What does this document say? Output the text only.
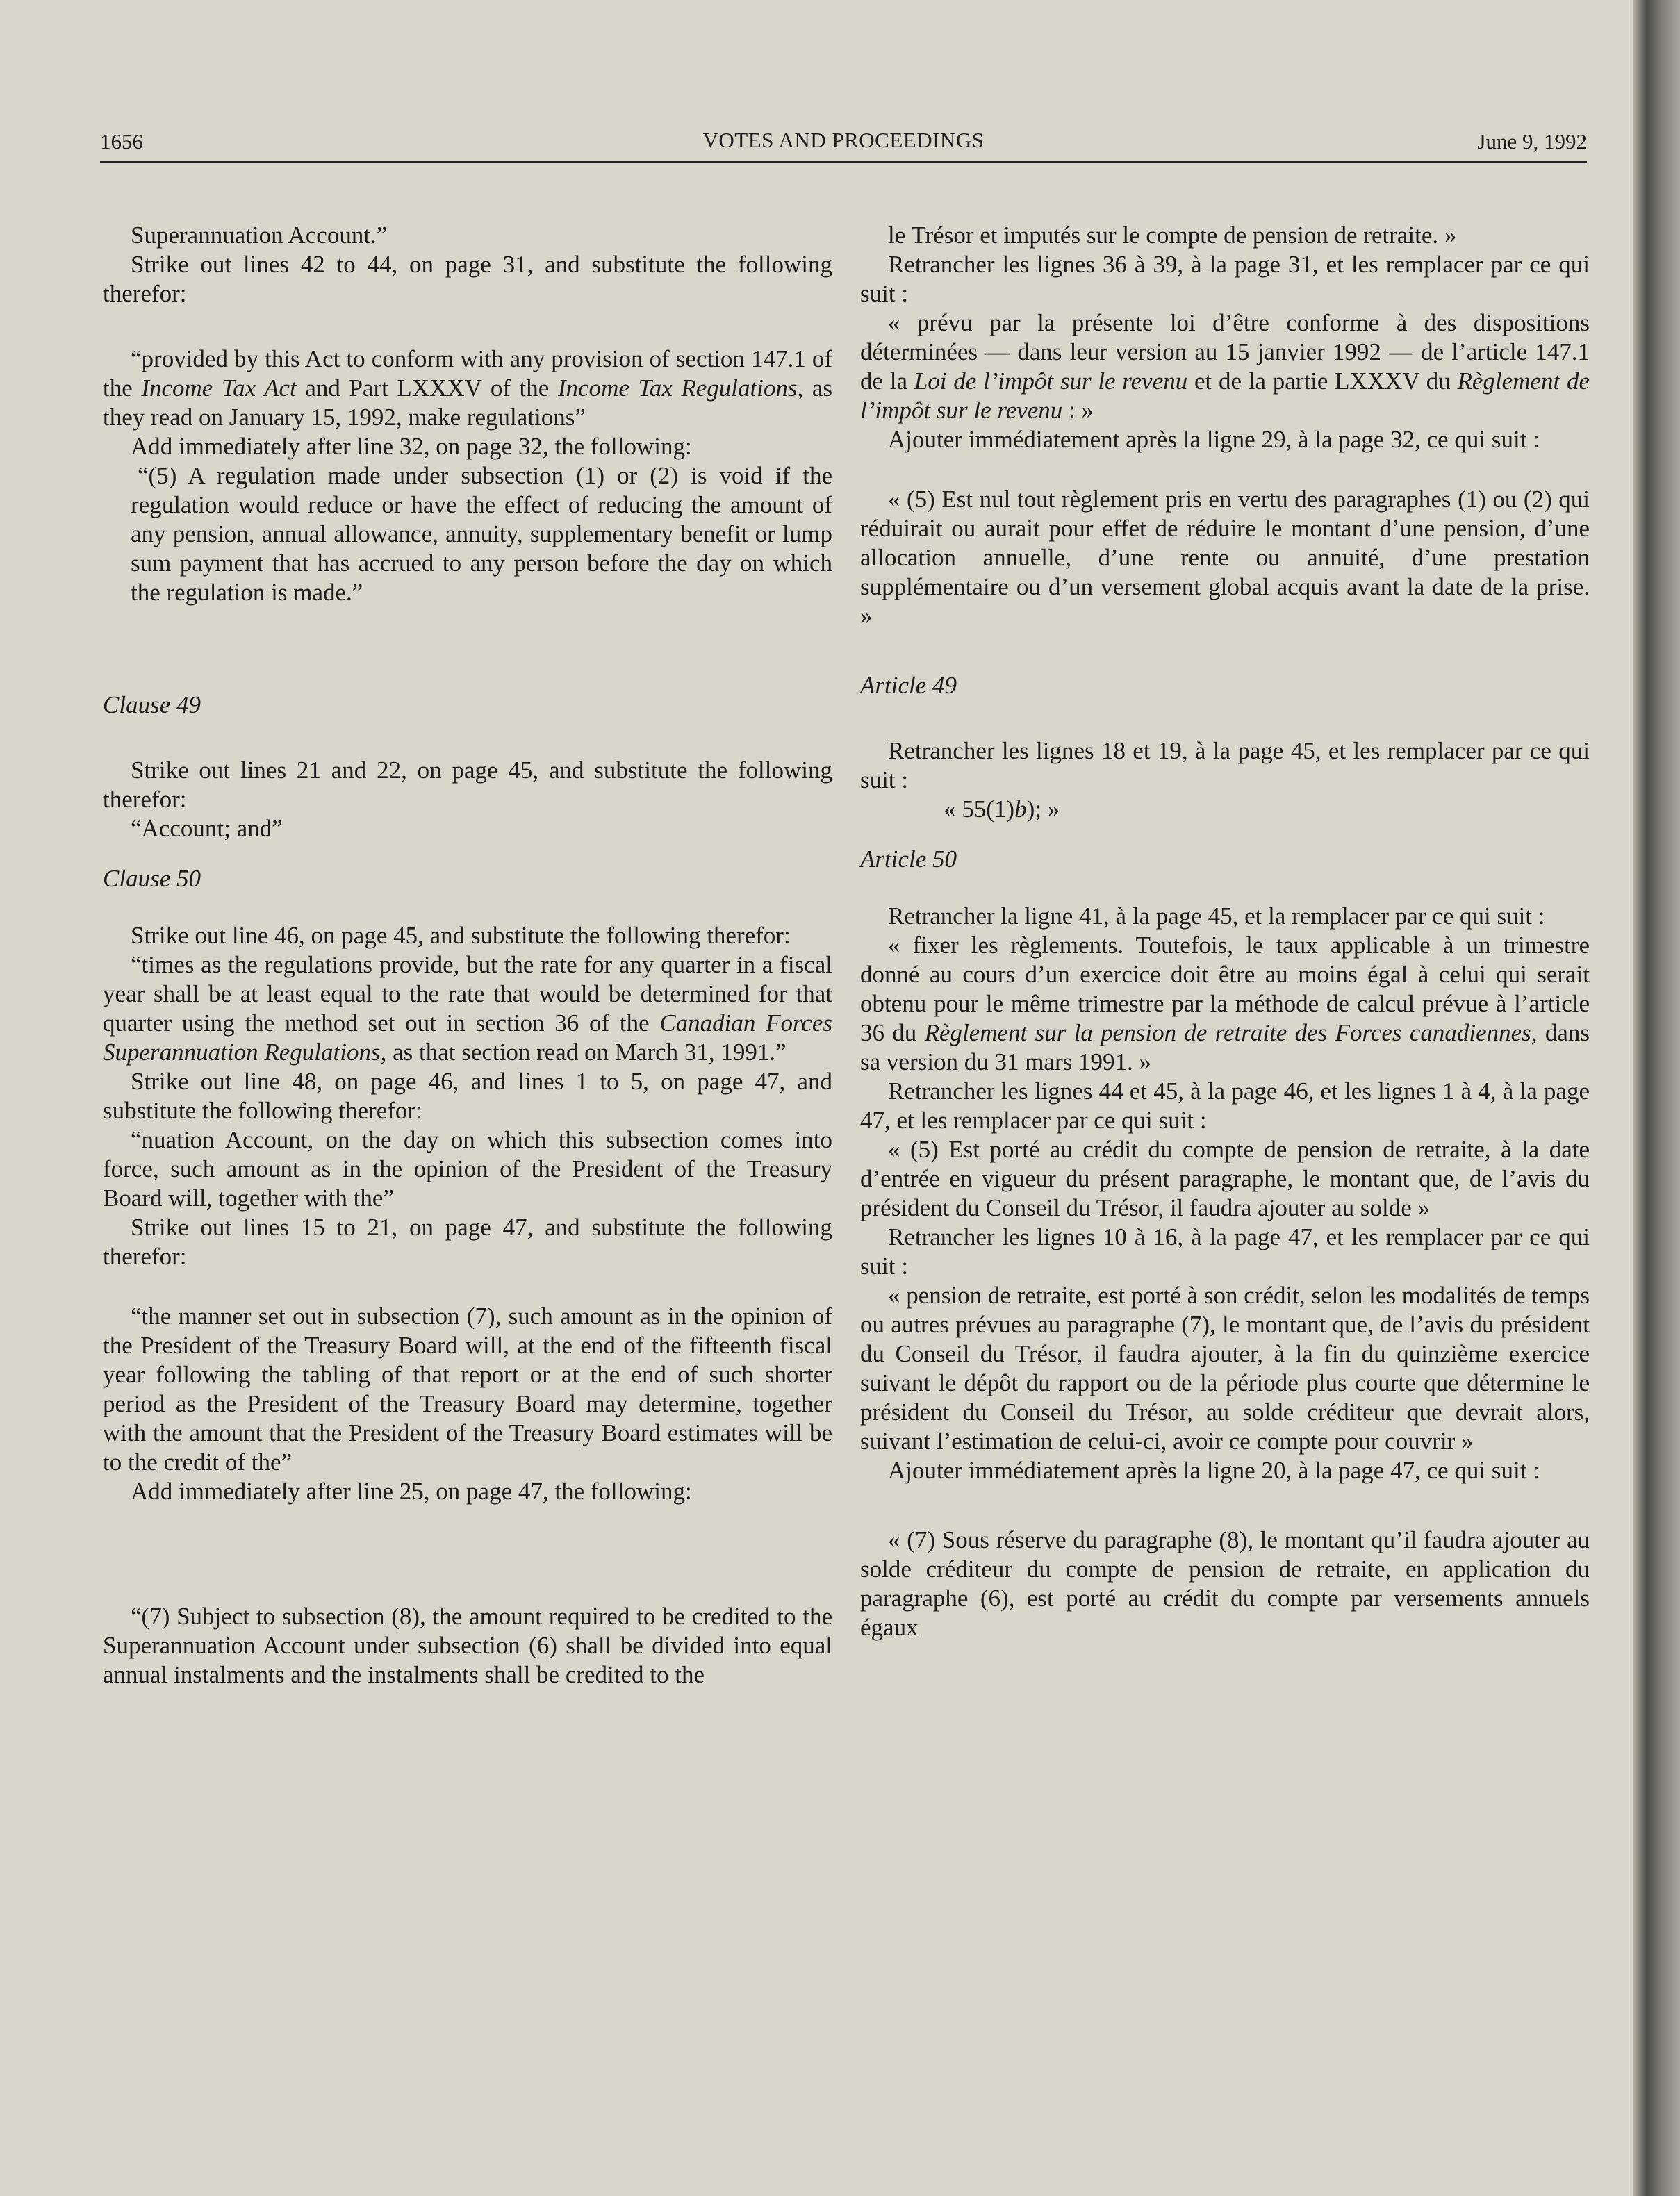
1656	VOTES AND PROCEEDINGS	June 9, 1992

Superannuation Account.”

Strike out lines 42 to 44, on page 31, and substitute the following therefor:

“provided by this Act to conform with any provision of section 147.1 of the Income Tax Act and Part LXXXV of the Income Tax Regulations, as they read on January 15, 1992, make regulations”

Add immediately after line 32, on page 32, the following:

“(5) A regulation made under subsection (1) or (2) is void if the regulation would reduce or have the effect of reducing the amount of any pension, annual allowance, annuity, supplementary benefit or lump sum payment that has accrued to any person before the day on which the regulation is made.”

Clause 49

Strike out lines 21 and 22, on page 45, and substitute the following therefor:

“Account; and”

Clause 50

Strike out line 46, on page 45, and substitute the following therefor:

“times as the regulations provide, but the rate for any quarter in a fiscal year shall be at least equal to the rate that would be determined for that quarter using the method set out in section 36 of the Canadian Forces Superannuation Regulations, as that section read on March 31, 1991.”

Strike out line 48, on page 46, and lines 1 to 5, on page 47, and substitute the following therefor:

“nuation Account, on the day on which this subsection comes into force, such amount as in the opinion of the President of the Treasury Board will, together with the”

Strike out lines 15 to 21, on page 47, and substitute the following therefor:

“the manner set out in subsection (7), such amount as in the opinion of the President of the Treasury Board will, at the end of the fifteenth fiscal year following the tabling of that report or at the end of such shorter period as the President of the Treasury Board may determine, together with the amount that the President of the Treasury Board estimates will be to the credit of the”

Add immediately after line 25, on page 47, the following:

“(7) Subject to subsection (8), the amount required to be credited to the Superannuation Account under subsection (6) shall be divided into equal annual instalments and the instalments shall be credited to the

le Trésor et imputés sur le compte de pension de retraite. »

Retrancher les lignes 36 à 39, à la page 31, et les remplacer par ce qui suit :

« prévu par la présente loi d’être conforme à des dispositions déterminées — dans leur version au 15 janvier 1992 — de l’article 147.1 de la Loi de l’impôt sur le revenu et de la partie LXXXV du Règlement de l’impôt sur le revenu : »

Ajouter immédiatement après la ligne 29, à la page 32, ce qui suit :

« (5) Est nul tout règlement pris en vertu des paragraphes (1) ou (2) qui réduirait ou aurait pour effet de réduire le montant d’une pension, d’une allocation annuelle, d’une rente ou annuité, d’une prestation supplémentaire ou d’un versement global acquis avant la date de la prise. »

Article 49

Retrancher les lignes 18 et 19, à la page 45, et les remplacer par ce qui suit :

« 55(1)b); »

Article 50

Retrancher la ligne 41, à la page 45, et la remplacer par ce qui suit :

« fixer les règlements. Toutefois, le taux applicable à un trimestre donné au cours d’un exercice doit être au moins égal à celui qui serait obtenu pour le même trimestre par la méthode de calcul prévue à l’article 36 du Règlement sur la pension de retraite des Forces canadiennes, dans sa version du 31 mars 1991. »

Retrancher les lignes 44 et 45, à la page 46, et les lignes 1 à 4, à la page 47, et les remplacer par ce qui suit :

« (5) Est porté au crédit du compte de pension de retraite, à la date d’entrée en vigueur du présent paragraphe, le montant que, de l’avis du président du Conseil du Trésor, il faudra ajouter au solde »

Retrancher les lignes 10 à 16, à la page 47, et les remplacer par ce qui suit :

« pension de retraite, est porté à son crédit, selon les modalités de temps ou autres prévues au paragraphe (7), le montant que, de l’avis du président du Conseil du Trésor, il faudra ajouter, à la fin du quinzième exercice suivant le dépôt du rapport ou de la période plus courte que détermine le président du Conseil du Trésor, au solde créditeur que devrait alors, suivant l’estimation de celui-ci, avoir ce compte pour couvrir »

Ajouter immédiatement après la ligne 20, à la page 47, ce qui suit :

« (7) Sous réserve du paragraphe (8), le montant qu’il faudra ajouter au solde créditeur du compte de pension de retraite, en application du paragraphe (6), est porté au crédit du compte par versements annuels égaux
